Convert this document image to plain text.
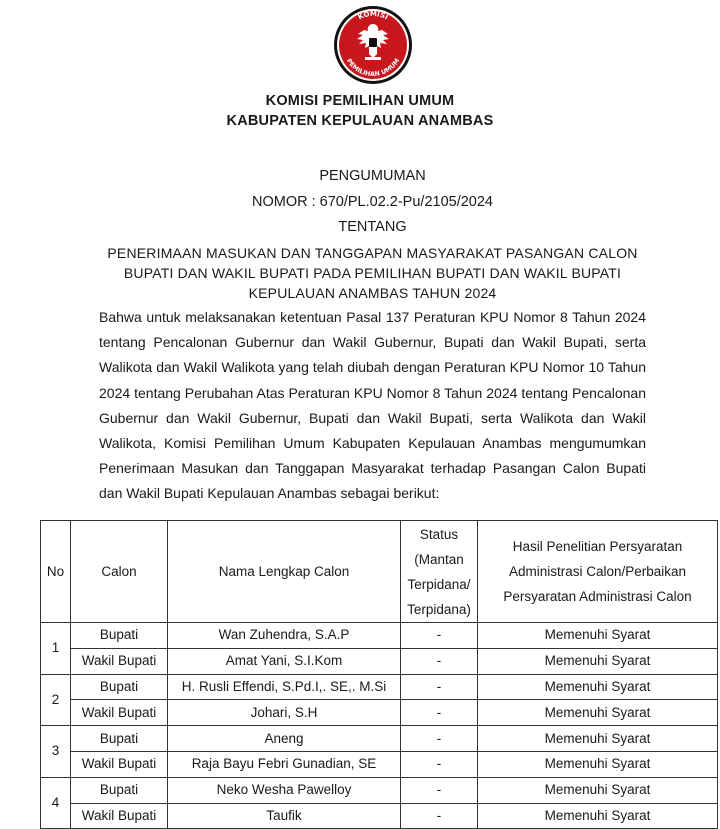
KOMISI
PEMILIHAN UMUM
KOMISI PEMILIHAN UMUM
KABUPATEN KEPULAUAN ANAMBAS
PENGUMUMAN
NOMOR : 670/PL.02.2-Pu/2105/2024
TENTANG
PENERIMAAN MASUKAN DAN TANGGAPAN MASYARAKAT PASANGAN CALON BUPATI DAN WAKIL BUPATI PADA PEMILIHAN BUPATI DAN WAKIL BUPATI KEPULAUAN ANAMBAS TAHUN 2024
Bahwa untuk melaksanakan ketentuan Pasal 137 Peraturan KPU Nomor 8 Tahun 2024 tentang Pencalonan Gubernur dan Wakil Gubernur, Bupati dan Wakil Bupati, serta Walikota dan Wakil Walikota yang telah diubah dengan Peraturan KPU Nomor 10 Tahun 2024 tentang Perubahan Atas Peraturan KPU Nomor 8 Tahun 2024 tentang Pencalonan Gubernur dan Wakil Gubernur, Bupati dan Wakil Bupati, serta Walikota dan Wakil Walikota, Komisi Pemilihan Umum Kabupaten Kepulauan Anambas mengumumkan Penerimaan Masukan dan Tanggapan Masyarakat terhadap Pasangan Calon Bupati dan Wakil Bupati Kepulauan Anambas sebagai berikut:
No	Calon	Nama Lengkap Calon	Status (Mantan Terpidana/ Terpidana)	Hasil Penelitian Persyaratan Administrasi Calon/Perbaikan Persyaratan Administrasi Calon
1	Bupati	Wan Zuhendra, S.A.P	-	Memenuhi Syarat
	Wakil Bupati	Amat Yani, S.I.Kom	-	Memenuhi Syarat
2	Bupati	H. Rusli Effendi, S.Pd.I,. SE,. M.Si	-	Memenuhi Syarat
	Wakil Bupati	Johari, S.H	-	Memenuhi Syarat
3	Bupati	Aneng	-	Memenuhi Syarat
	Wakil Bupati	Raja Bayu Febri Gunadian, SE	-	Memenuhi Syarat
4	Bupati	Neko Wesha Pawelloy	-	Memenuhi Syarat
	Wakil Bupati	Taufik	-	Memenuhi Syarat
